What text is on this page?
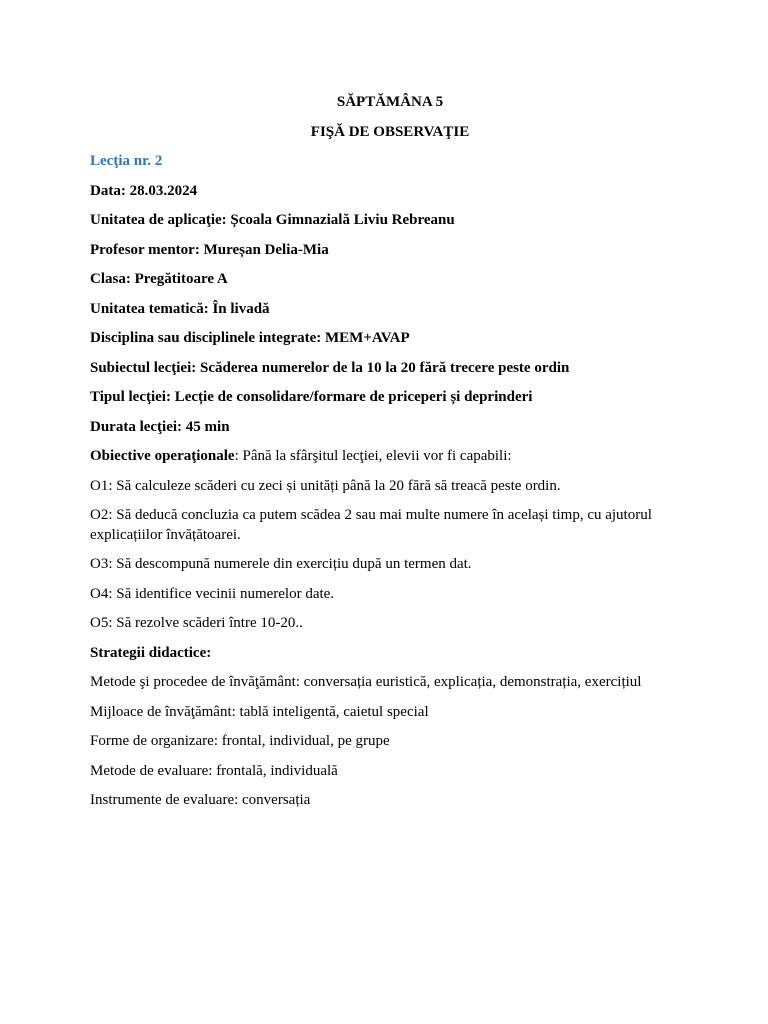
SĂPTĂMÂNA 5
FIŞĂ DE OBSERVAŢIE
Lecţia nr. 2
Data: 28.03.2024
Unitatea de aplicaţie: Școala Gimnazială Liviu Rebreanu
Profesor mentor: Mureșan Delia-Mia
Clasa: Pregătitoare A
Unitatea tematică: În livadă
Disciplina sau disciplinele integrate: MEM+AVAP
Subiectul lecţiei: Scăderea numerelor de la 10 la 20 fără trecere peste ordin
Tipul lecţiei: Lecție de consolidare/formare de priceperi și deprinderi
Durata lecţiei: 45 min
Obiective operaţionale: Până la sfârşitul lecţiei, elevii vor fi capabili:
O1: Să calculeze scăderi cu zeci și unități până la 20 fără să treacă peste ordin.
O2: Să deducă concluzia ca putem scădea 2 sau mai multe numere în același timp, cu ajutorul explicațiilor învățătoarei.
O3: Să descompună numerele din exercițiu după un termen dat.
O4: Să identifice vecinii numerelor date.
O5: Să rezolve scăderi între 10-20..
Strategii didactice:
Metode şi procedee de învăţământ: conversația euristică, explicația, demonstrația, exercițiul
Mijloace de învăţământ: tablă inteligentă, caietul special
Forme de organizare: frontal, individual, pe grupe
Metode de evaluare: frontală, individuală
Instrumente de evaluare: conversația
